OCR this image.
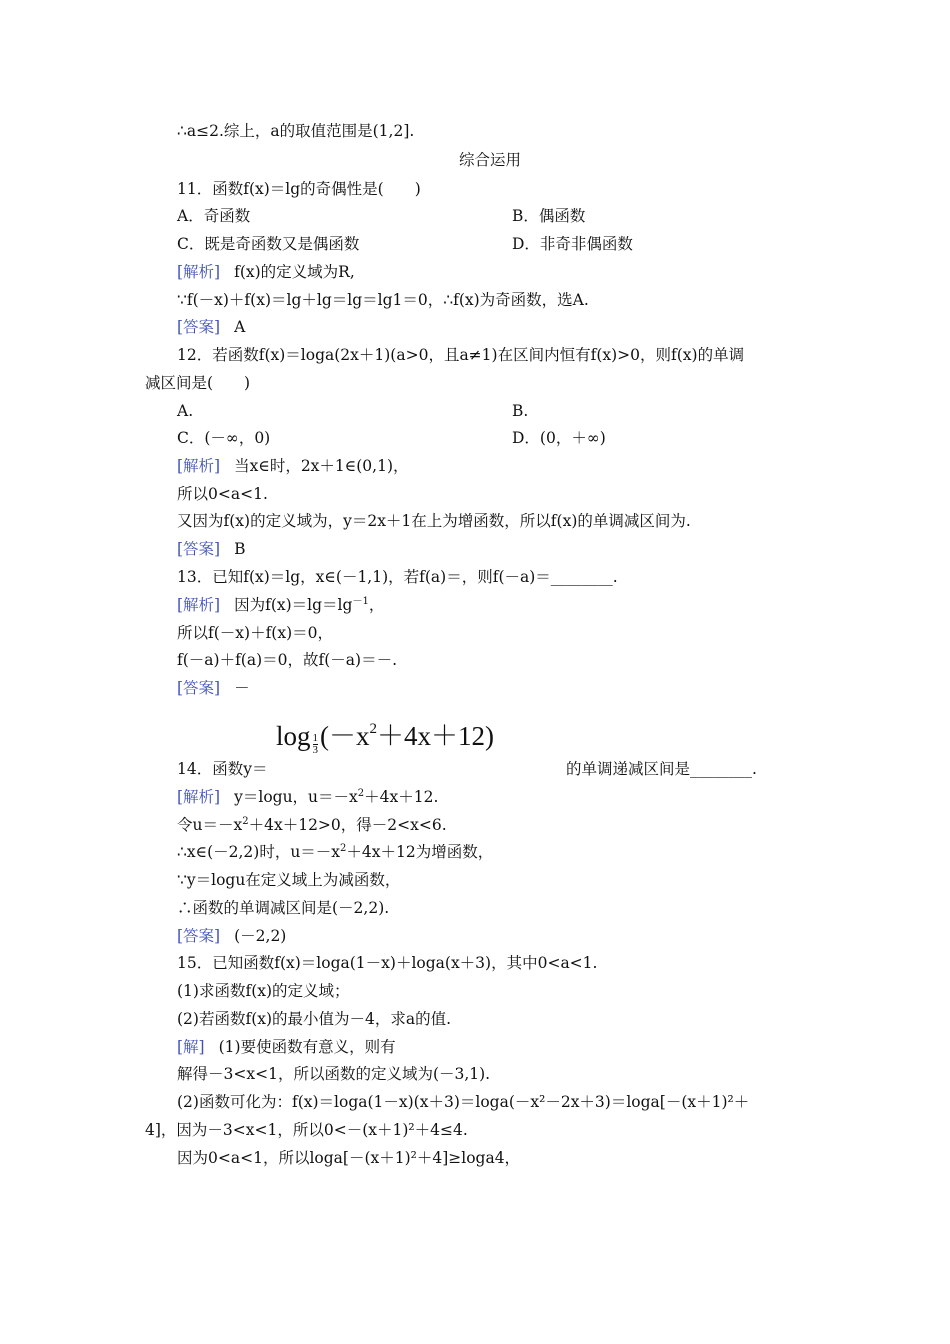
∴a≤2.综上，a的取值范围是(1,2].
综合运用
11．函数f(x)＝lg的奇偶性是(　　)
A．奇函数	B．偶函数
C．既是奇函数又是偶函数	D．非奇非偶函数
[解析] f(x)的定义域为R,
∵f(－x)＋f(x)＝lg＋lg＝lg＝lg1＝0，∴f(x)为奇函数，选A.
[答案] A
12．若函数f(x)＝loga(2x＋1)(a>0，且a≠1)在区间内恒有f(x)>0，则f(x)的单调
减区间是(　　)
A.	B.
C．(－∞，0)	D．(0，＋∞)
[解析] 当x∈时，2x＋1∈(0,1)，
所以0<a<1.
又因为f(x)的定义域为，y＝2x＋1在上为增函数，所以f(x)的单调减区间为.
[答案] B
13．已知f(x)＝lg，x∈(－1,1)，若f(a)＝，则f(－a)＝________.
[解析] 因为$f(x)=\lg=\lg^{-1}$，
所以f(－x)＋f(x)＝0，
f(－a)＋f(a)＝0，故f(－a)＝－.
[答案] －
$\log \frac{1}{3} (-x^2+4x+12)$
14．函数y＝	的单调递减区间是________.
[解析] y＝logu，$u=-x^2+4x+12$.
令$u=-x^2+4x+12>0$，得－2<x<6.
∴x∈(－2,2)时，$u=-x^2+4x+12$为增函数，
∵y＝logu在定义域上为减函数，
∴函数的单调减区间是(－2,2).
[答案] (－2,2)
15．已知函数f(x)＝loga(1－x)＋loga(x＋3)，其中0<a<1.
(1)求函数f(x)的定义域；
(2)若函数f(x)的最小值为－4，求a的值.
[解] (1)要使函数有意义，则有
解得－3<x<1，所以函数的定义域为(－3,1).
(2)函数可化为：f(x)＝loga(1－x)(x＋3)＝loga(－x²－2x＋3)＝loga[－(x＋1)²＋
4]，因为－3<x<1，所以0<－(x＋1)²＋4≤4.
因为0<a<1，所以loga[－(x＋1)²＋4]≥loga4，
